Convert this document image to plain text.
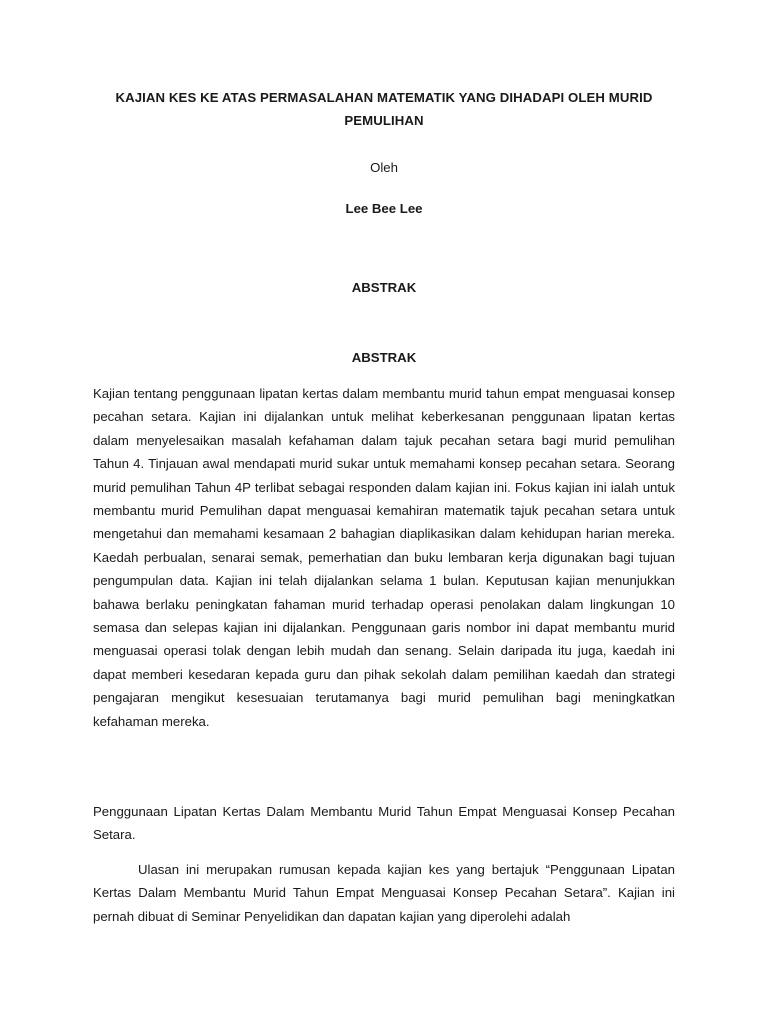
KAJIAN KES KE ATAS PERMASALAHAN MATEMATIK YANG DIHADAPI OLEH MURID PEMULIHAN
Oleh
Lee Bee Lee
ABSTRAK
ABSTRAK

Kajian tentang penggunaan lipatan kertas dalam membantu murid tahun empat menguasai konsep pecahan setara. Kajian ini dijalankan untuk melihat keberkesanan penggunaan lipatan kertas dalam menyelesaikan masalah kefahaman dalam tajuk pecahan setara bagi murid pemulihan Tahun 4. Tinjauan awal mendapati murid sukar untuk memahami konsep pecahan setara. Seorang murid pemulihan Tahun 4P terlibat sebagai responden dalam kajian ini. Fokus kajian ini ialah untuk membantu murid Pemulihan dapat menguasai kemahiran matematik tajuk pecahan setara untuk mengetahui dan memahami kesamaan 2 bahagian diaplikasikan dalam kehidupan harian mereka. Kaedah perbualan, senarai semak, pemerhatian dan buku lembaran kerja digunakan bagi tujuan pengumpulan data. Kajian ini telah dijalankan selama 1 bulan. Keputusan kajian menunjukkan bahawa berlaku peningkatan fahaman murid terhadap operasi penolakan dalam lingkungan 10 semasa dan selepas kajian ini dijalankan. Penggunaan garis nombor ini dapat membantu murid menguasai operasi tolak dengan lebih mudah dan senang. Selain daripada itu juga, kaedah ini dapat memberi kesedaran kepada guru dan pihak sekolah dalam pemilihan kaedah dan strategi pengajaran mengikut kesesuaian terutamanya bagi murid pemulihan bagi meningkatkan kefahaman mereka.

Penggunaan Lipatan Kertas Dalam Membantu Murid Tahun Empat Menguasai Konsep Pecahan Setara.

Ulasan ini merupakan rumusan kepada kajian kes yang bertajuk “Penggunaan Lipatan Kertas Dalam Membantu Murid Tahun Empat Menguasai Konsep Pecahan Setara”. Kajian ini pernah dibuat di Seminar Penyelidikan dan dapatan kajian yang diperolehi adalah
